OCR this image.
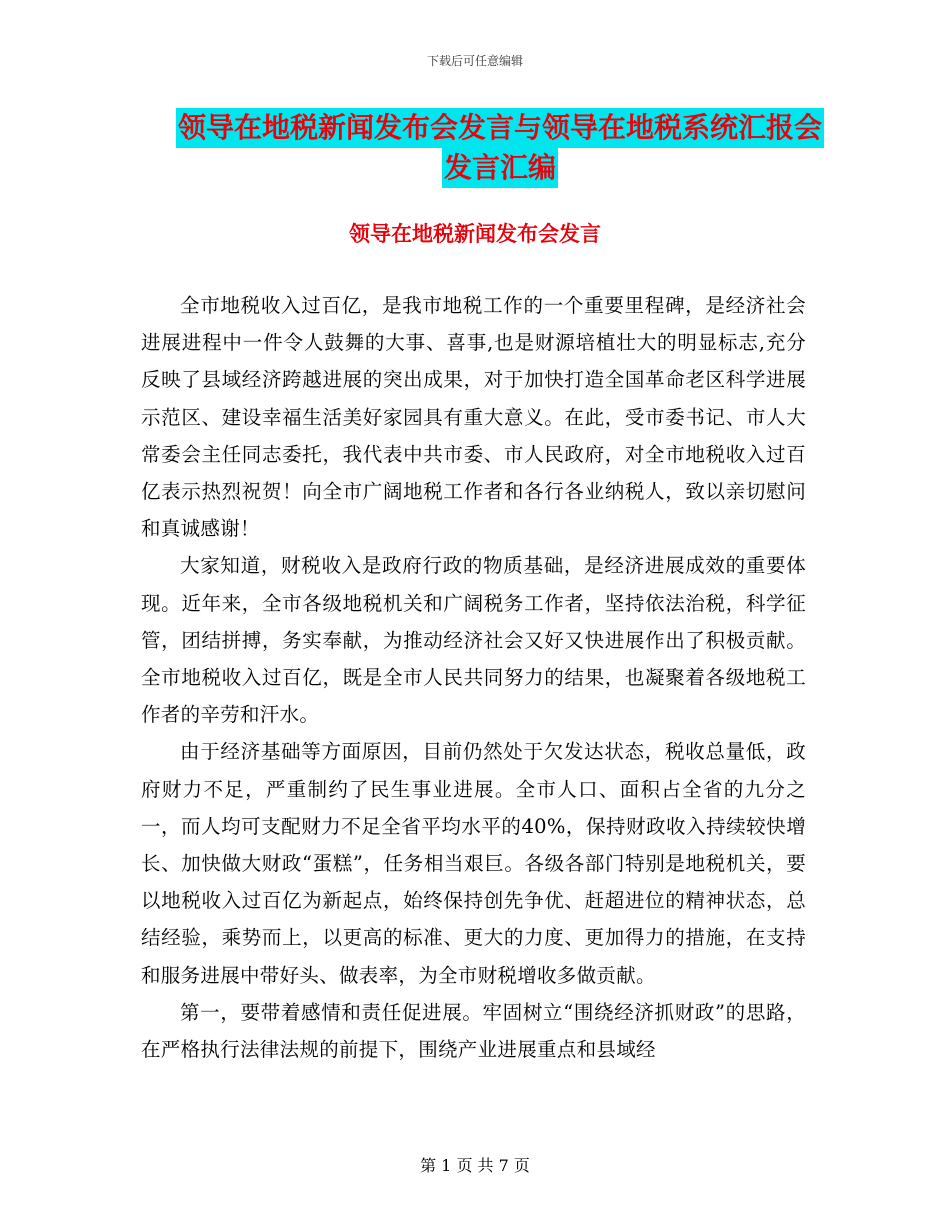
下载后可任意编辑
领导在地税新闻发布会发言与领导在地税系统汇报会
发言汇编
领导在地税新闻发布会发言

全市地税收入过百亿，是我市地税工作的一个重要里程碑，是经济社会进展进程中一件令人鼓舞的大事、喜事,也是财源培植壮大的明显标志,充分反映了县域经济跨越进展的突出成果，对于加快打造全国革命老区科学进展示范区、建设幸福生活美好家园具有重大意义。在此，受市委书记、市人大常委会主任同志委托，我代表中共市委、市人民政府，对全市地税收入过百亿表示热烈祝贺！向全市广阔地税工作者和各行各业纳税人，致以亲切慰问和真诚感谢！

大家知道，财税收入是政府行政的物质基础，是经济进展成效的重要体现。近年来，全市各级地税机关和广阔税务工作者，坚持依法治税，科学征管，团结拼搏，务实奉献，为推动经济社会又好又快进展作出了积极贡献。全市地税收入过百亿，既是全市人民共同努力的结果，也凝聚着各级地税工作者的辛劳和汗水。

由于经济基础等方面原因，目前仍然处于欠发达状态，税收总量低，政府财力不足，严重制约了民生事业进展。全市人口、面积占全省的九分之一，而人均可支配财力不足全省平均水平的40%，保持财政收入持续较快增长、加快做大财政“蛋糕”，任务相当艰巨。各级各部门特别是地税机关，要以地税收入过百亿为新起点，始终保持创先争优、赶超进位的精神状态，总结经验，乘势而上，以更高的标准、更大的力度、更加得力的措施，在支持和服务进展中带好头、做表率，为全市财税增收多做贡献。

第一，要带着感情和责任促进展。牢固树立“围绕经济抓财政”的思路，在严格执行法律法规的前提下，围绕产业进展重点和县域经

第 1 页 共 7 页
